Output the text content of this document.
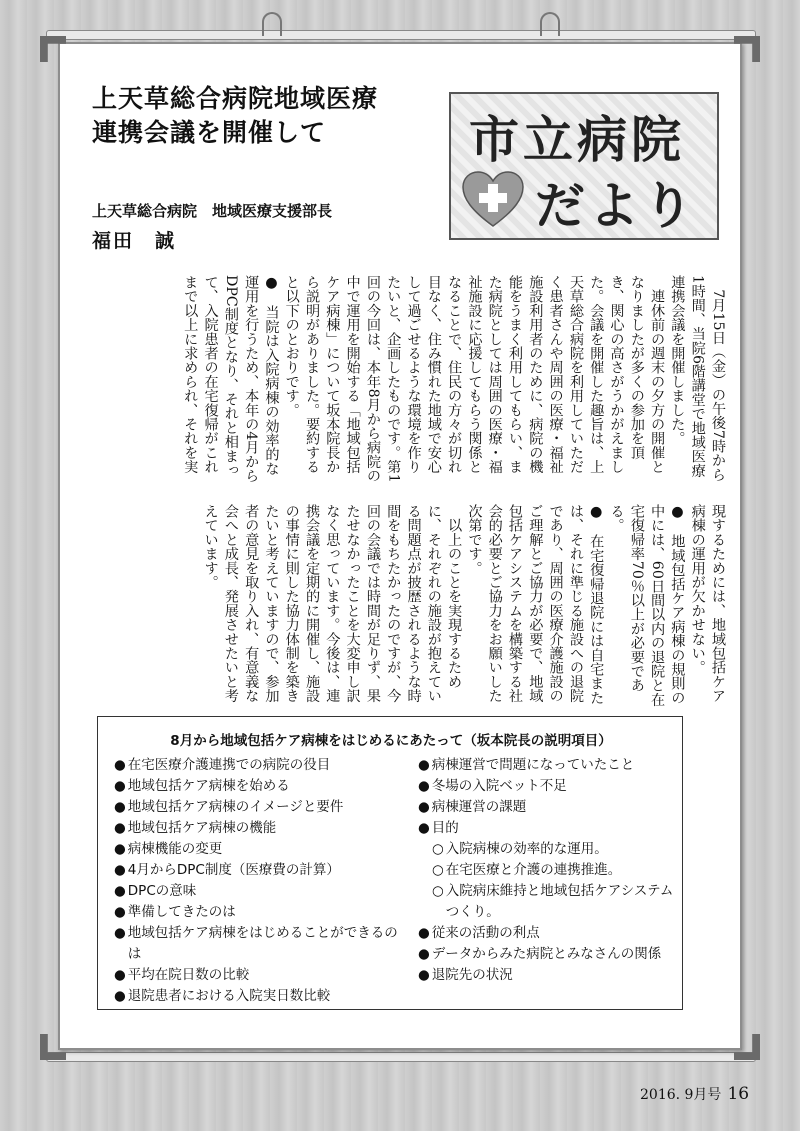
上天草総合病院地域医療
連携会議を開催して
上天草総合病院　地域医療支援部長
福田　誠
市立病院
だより

　7月15日（金）の午後7時から1時間、当院6階講堂で地域医療連携会議を開催しました。

　連休前の週末の夕方の開催となりましたが多くの参加を頂き、関心の高さがうかがえました。会議を開催した趣旨は、上天草総合病院を利用していただく患者さんや周囲の医療・福祉施設利用者のために、病院の機能をうまく利用してもらい、また病院としては周囲の医療・福祉施設に応援してもらう関係となることで、住民の方々が切れ目なく、住み慣れた地域で安心して過ごせるような環境を作りたいと、企画したものです。第1回の今回は、本年8月から病院の中で運用を開始する「地域包括ケア病棟」について坂本院長から説明がありました。要約すると以下のとおりです。

●　当院は入院病棟の効率的な運用を行うため、本年の4月からDPC制度となり、それと相まって、入院患者の在宅復帰がこれまで以上に求められ、それを実現するためには、地域包括ケア病棟の運用が欠かせない。

●　地域包括ケア病棟の規則の中には、60日間以内の退院と在宅復帰率70％以上が必要である。

●　在宅復帰退院には自宅または、それに準じる施設への退院であり、周囲の医療介護施設のご理解とご協力が必要で、地域包括ケアシステムを構築する社会的必要とご協力をお願いした次第です。

　以上のことを実現するために、それぞれの施設が抱えている問題点が披歴されるような時間をもちたかったのですが、今回の会議では時間が足りず、果たせなかったことを大変申し訳なく思っています。今後は、連携会議を定期的に開催し、施設の事情に則した協力体制を築きたいと考えていますので、参加者の意見を取り入れ、有意義な会へと成長、発展させたいと考えています。

8月から地域包括ケア病棟をはじめるにあたって（坂本院長の説明項目）
● 在宅医療介護連携での病院の役目
● 地域包括ケア病棟を始める
● 地域包括ケア病棟のイメージと要件
● 地域包括ケア病棟の機能
● 病棟機能の変更
● 4月からDPC制度（医療費の計算）
● DPCの意味
● 準備してきたのは
● 地域包括ケア病棟をはじめることができるのは
● 平均在院日数の比較
● 退院患者における入院実日数比較
● 病棟運営で問題になっていたこと
● 冬場の入院ベット不足
● 病棟運営の課題
● 目的
○ 入院病棟の効率的な運用。
○ 在宅医療と介護の連携推進。
○ 入院病床維持と地域包括ケアシステムつくり。
● 従来の活動の利点
● データからみた病院とみなさんの関係
● 退院先の状況
2016. 9月号 16
